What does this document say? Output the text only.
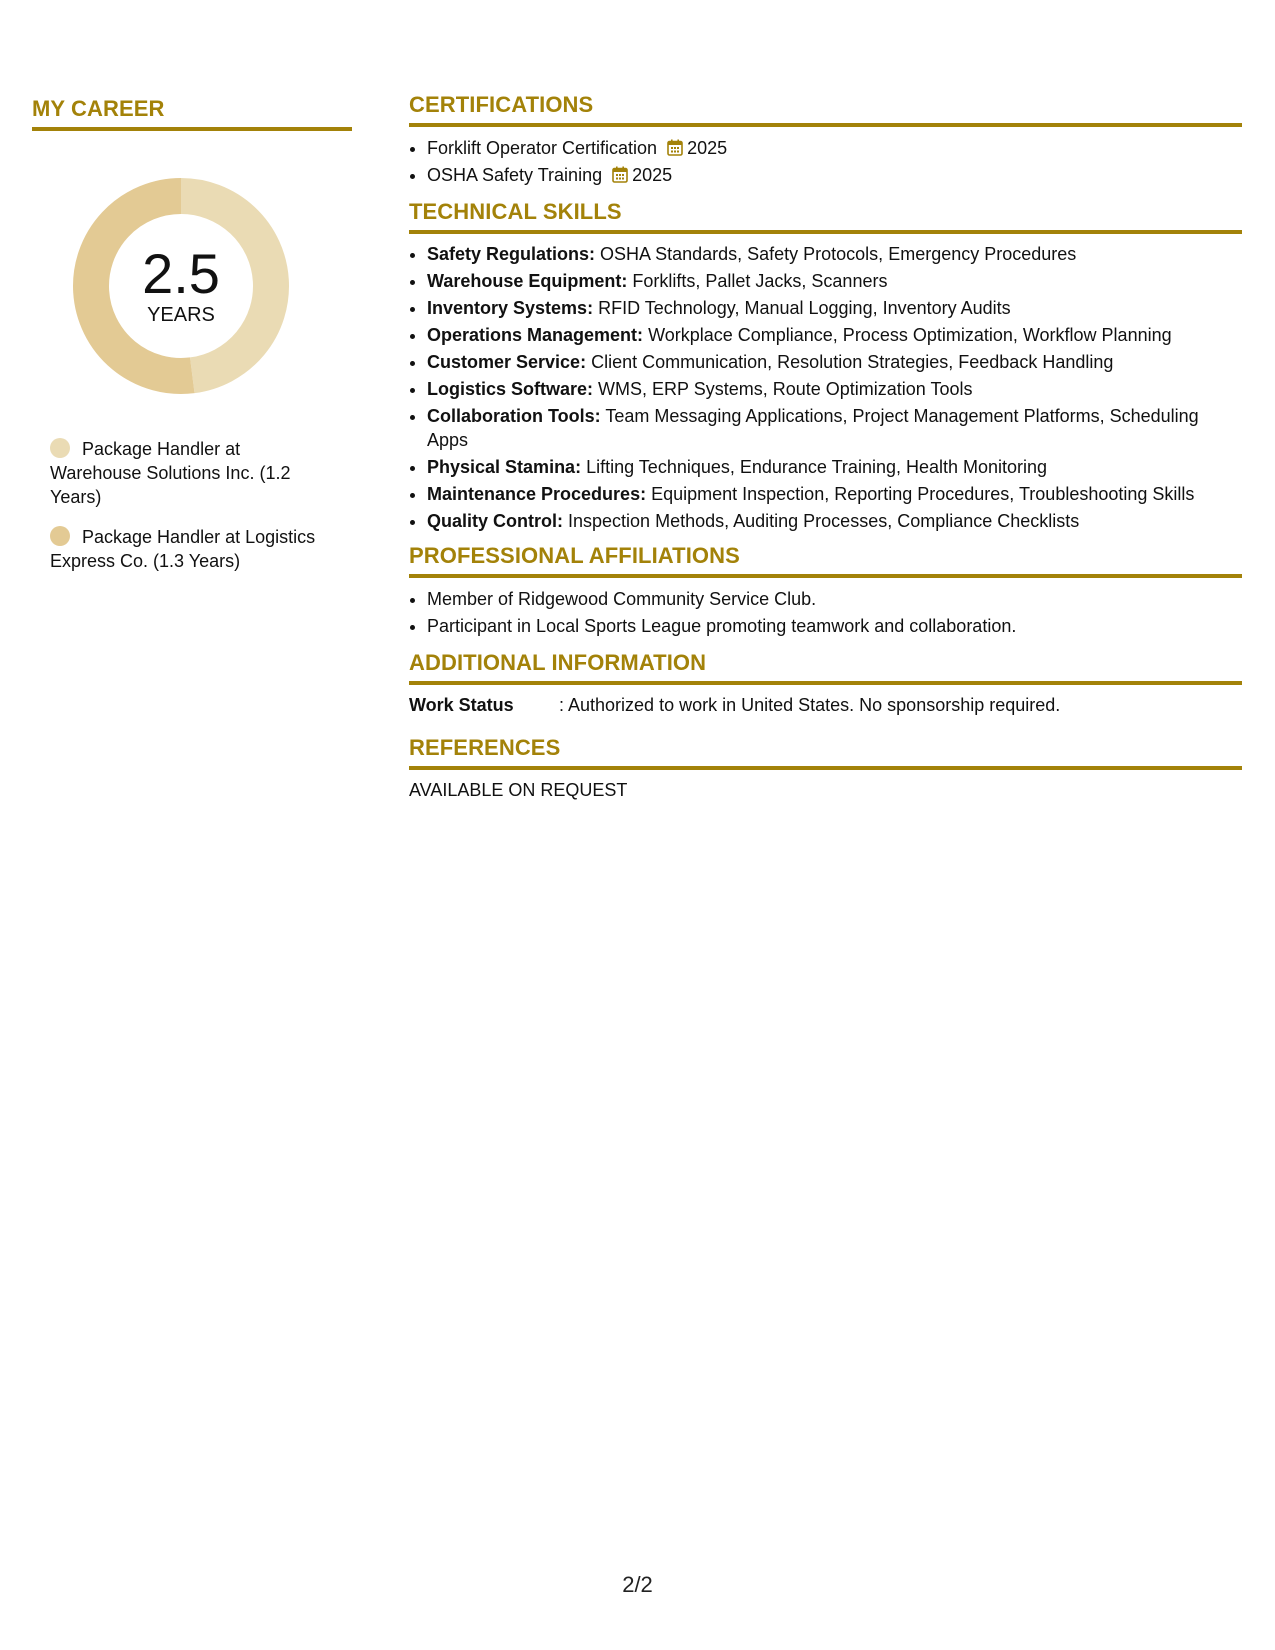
MY CAREER
2.5
YEARS
Package Handler at Warehouse Solutions Inc. (1.2 Years)
Package Handler at Logistics Express Co. (1.3 Years)
CERTIFICATIONS
• Forklift Operator Certification 2025
• OSHA Safety Training 2025
TECHNICAL SKILLS
• Safety Regulations: OSHA Standards, Safety Protocols, Emergency Procedures
• Warehouse Equipment: Forklifts, Pallet Jacks, Scanners
• Inventory Systems: RFID Technology, Manual Logging, Inventory Audits
• Operations Management: Workplace Compliance, Process Optimization, Workflow Planning
• Customer Service: Client Communication, Resolution Strategies, Feedback Handling
• Logistics Software: WMS, ERP Systems, Route Optimization Tools
• Collaboration Tools: Team Messaging Applications, Project Management Platforms, Scheduling Apps
• Physical Stamina: Lifting Techniques, Endurance Training, Health Monitoring
• Maintenance Procedures: Equipment Inspection, Reporting Procedures, Troubleshooting Skills
• Quality Control: Inspection Methods, Auditing Processes, Compliance Checklists
PROFESSIONAL AFFILIATIONS
• Member of Ridgewood Community Service Club.
• Participant in Local Sports League promoting teamwork and collaboration.
ADDITIONAL INFORMATION
Work Status	: Authorized to work in United States. No sponsorship required.
REFERENCES
AVAILABLE ON REQUEST
2/2
